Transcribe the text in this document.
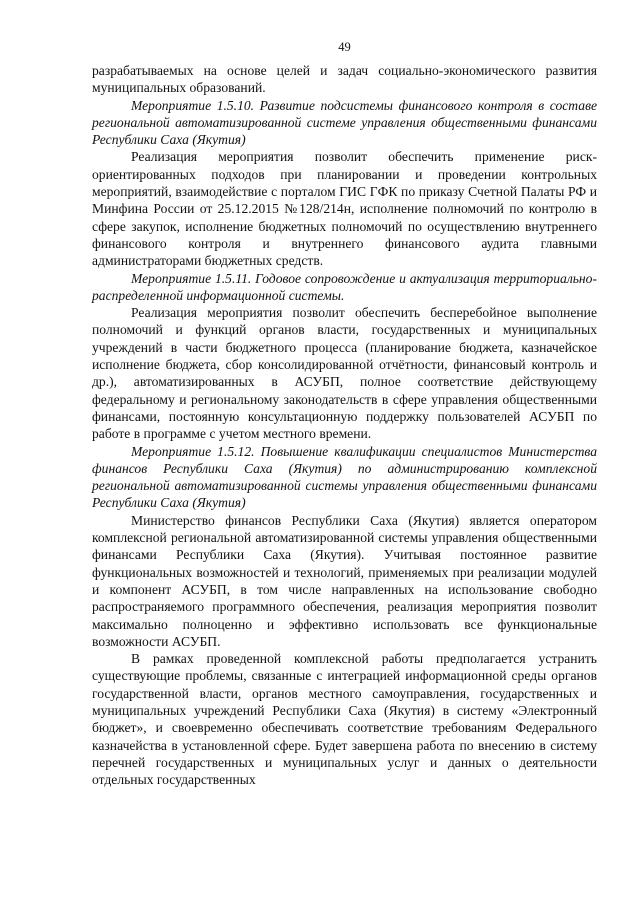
49

разрабатываемых на основе целей и задач социально-экономического развития муниципальных образований.

Мероприятие 1.5.10. Развитие подсистемы финансового контроля в составе региональной автоматизированной системе управления общественными финансами Республики Саха (Якутия)

Реализация мероприятия позволит обеспечить применение риск-ориентированных подходов при планировании и проведении контрольных мероприятий, взаимодействие с порталом ГИС ГФК по приказу Счетной Палаты РФ и Минфина России от 25.12.2015 №128/214н, исполнение полномочий по контролю в сфере закупок, исполнение бюджетных полномочий по осуществлению внутреннего финансового контроля и внутреннего финансового аудита главными администраторами бюджетных средств.

Мероприятие 1.5.11. Годовое сопровождение и актуализация территориально- распределенной информационной системы.

Реализация мероприятия позволит обеспечить бесперебойное выполнение полномочий и функций органов власти, государственных и муниципальных учреждений в части бюджетного процесса (планирование бюджета, казначейское исполнение бюджета, сбор консолидированной отчётности, финансовый контроль и др.), автоматизированных в АСУБП, полное соответствие действующему федеральному и региональному законодательств в сфере управления общественными финансами, постоянную консультационную поддержку пользователей АСУБП по работе в программе с учетом местного времени.

Мероприятие 1.5.12. Повышение квалификации специалистов Министерства финансов Республики Саха (Якутия) по администрированию комплексной региональной автоматизированной системы управления общественными финансами Республики Саха (Якутия)

Министерство финансов Республики Саха (Якутия) является оператором комплексной региональной автоматизированной системы управления общественными финансами Республики Саха (Якутия). Учитывая постоянное развитие функциональных возможностей и технологий, применяемых при реализации модулей и компонент АСУБП, в том числе направленных на использование свободно распространяемого программного обеспечения, реализация мероприятия позволит максимально полноценно и эффективно использовать все функциональные возможности АСУБП.

В рамках проведенной комплексной работы предполагается устранить существующие проблемы, связанные с интеграцией информационной среды органов государственной власти, органов местного самоуправления, государственных и муниципальных учреждений Республики Саха (Якутия) в систему «Электронный бюджет», и своевременно обеспечивать соответствие требованиям Федерального казначейства в установленной сфере. Будет завершена работа по внесению в систему перечней государственных и муниципальных услуг и данных о деятельности отдельных государственных
